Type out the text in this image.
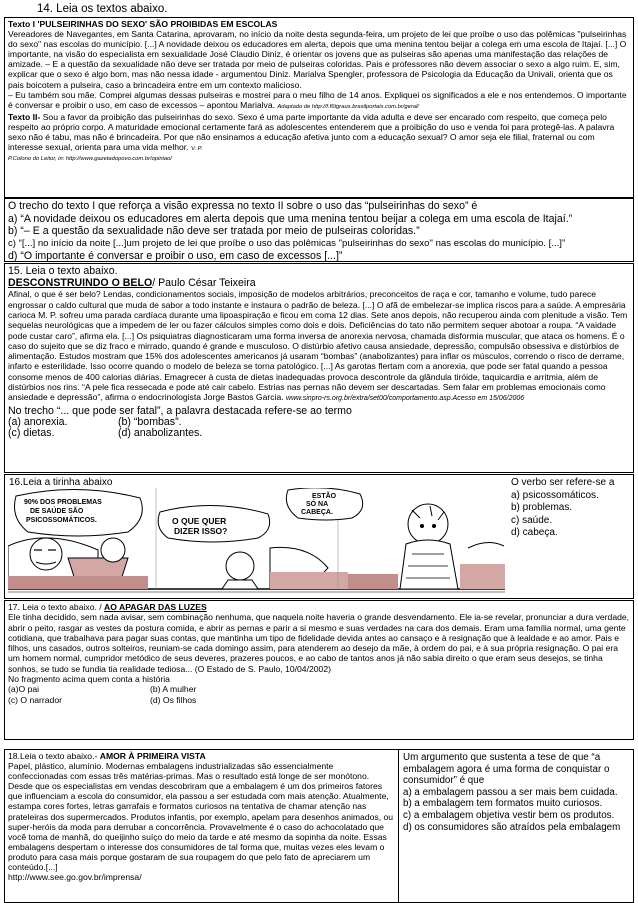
14. Leia os textos abaixo.

Texto I 'PULSEIRINHAS DO SEXO' SÃO PROIBIDAS EM ESCOLAS

Vereadores de Navegantes, em Santa Catarina, aprovaram, no início da noite desta segunda-feira, um projeto de lei que proíbe o uso das polêmicas "pulseirinhas do sexo" nas escolas do município. [...] A novidade deixou os educadores em alerta, depois que uma menina tentou beijar a colega em uma escola de Itajaí. [...] O importante, na visão do especialista em sexualidade José Claudio Diniz, é orientar os jovens que as pulseiras são apenas uma manifestação das relações de amizade. – E a questão da sexualidade não deve ser tratada por meio de pulseiras coloridas. Pais e professores não devem associar o sexo a algo ruim. E, sim, explicar que o sexo é algo bom, mas não nessa idade - argumentou Diniz. Marialva Spengler, professora de Psicologia da Educação da Univali, orienta que os pais boicotem a pulseira, caso a brincadeira entre em um contexto malicioso.

– Eu também sou mãe. Comprei algumas dessas pulseiras e mostrei para o meu filho de 14 anos. Expliquei os significados a ele e nos entendemos. O importante é conversar e proibir o uso, em caso de excessos – apontou Marialva. Adaptado de http://f.f6tgraus.brasilportais.com.br/geral/

Texto II- Sou a favor da proibição das pulseirinhas do sexo. Sexo é uma parte importante da vida adulta e deve ser encarado com respeito, que começa pelo respeito ao próprio corpo. A maturidade emocional certamente fará as adolescentes entenderem que a proibição do uso e venda foi para protegê-las. A palavra sexo não é tabu, mas não é brincadeira. Por que não ensinamos a educação afetiva junto com a educação sexual? O amor seja ele filial, fraternal ou com interesse sexual, orienta para uma vida melhor. V. P.

P.Colono do Leitor, in: http://www.gazetadopovo.com.br/opiniao/

O trecho do texto I que reforça a visão expressa no texto II sobre o uso das “pulseirinhas do sexo” é

a) “A novidade deixou os educadores em alerta depois que uma menina tentou beijar a colega em uma escola de Itajaí.”

b) “– E a questão da sexualidade não deve ser tratada por meio de pulseiras coloridas.”

c) “[...] no início da noite [...]um projeto de lei que proíbe o uso das polêmicas "pulseirinhas do sexo" nas escolas do município. [...]”

d) “O importante é conversar e proibir o uso, em caso de excessos [...]”

15. Leia o texto abaixo.

DESCONSTRUINDO O BELO/ Paulo César Teixeira

Afinal, o que é ser belo? Lendas, condicionamentos sociais, imposição de modelos arbitrários, preconceitos de raça e cor, tamanho e volume, tudo parece engrossar o caldo cultural que muda de sabor a todo instante e instaura o padrão de beleza. [...] O afã de embelezar-se implica riscos para a saúde. A empresária carioca M. P. sofreu uma parada cardíaca durante uma lipoaspiração e ficou em coma 12 dias. Sete anos depois, não recuperou ainda com plenitude a visão. Tem sequelas neurológicas que a impedem de ler ou fazer cálculos simples como dois e dois. Deficiências do tato não permitem sequer abotoar a roupa. “A vaidade pode custar caro”, afirma ela. [...] Os psiquiatras diagnosticaram uma forma inversa de anorexia nervosa, chamada disformia muscular, que ataca os homens. É o caso do sujeito que se diz fraco e mirrado, quando é grande e musculoso. O distúrbio afetivo causa ansiedade, depressão, compulsão obsessiva e distúrbios de alimentação. Estudos mostram que 15% dos adolescentes americanos já usaram “bombas” (anabolizantes) para inflar os músculos, correndo o risco de derrame, infarto e esterilidade. Isso ocorre quando o modelo de beleza se torna patológico. [...] As garotas flertam com a anorexia, que pode ser fatal quando a pessoa consome menos de 400 calorias diárias. Emagrecer à custa de dietas inadequadas provoca descontrole da glândula tiróide, taquicardia e arritmia, além de distúrbios nos rins. “A pele fica ressecada e pode até cair cabelo. Estrias nas pernas não devem ser descartadas. Sem falar em problemas emocionais como ansiedade e depressão”, afirma o endocrinologista Jorge Bastos Garcia. www.sinpro-rs.org.br/extra/set00/comportamento.asp.Acesso em 15/06/2006

No trecho “... que pode ser fatal”, a palavra destacada refere-se ao termo

(a) anorexia.	(b) “bombas”.
(c) dietas.	(d) anabolizantes.
16.Leia a tirinha abaixo
90% DOS PROBLEMAS DE SAÚDE SÃO PSICOSSOMÁTICOS.	O QUE QUER DIZER ISSO?
ESTÃO SÓ NA CABEÇA.

O verbo ser refere-se a

a) psicossomáticos.

b) problemas.

c) saúde.

d) cabeça.

17. Leia o texto abaixo. / AO APAGAR DAS LUZES

Ele tinha decidido, sem nada avisar, sem combinação nenhuma, que naquela noite haveria o grande desvendamento. Ele ia-se revelar, pronunciar a dura verdade, abrir o peito, rasgar as vestes da postura comida, e abrir as pernas e parir a si mesmo e suas verdades na cara dos demais. Eram uma família normal, uma gente cotidiana, que trabalhava para pagar suas contas, que mantinha um tipo de fidelidade devida antes ao cansaço e à resignação que à lealdade e ao amor. Pais e filhos, uns casados, outros solteiros, reuniam-se cada domingo assim, para atenderem ao desejo da mãe, à ordem do pai, e à sua própria resignação. O pai era um homem normal, cumpridor metódico de seus deveres, prazeres poucos, e ao cabo de tantos anos já não sabia direito o que eram seus desejos, se tinha sonhos, se tudo se fundia tia realidade tediosa... (O Estado de S. Paulo, 10/04/2002)

No fragmento acima quem conta a história

(a)O pai	(b) A mulher
(c) O narrador	(d) Os filhos

18.Leia o texto abaixo.- AMOR À PRIMEIRA VISTA

Papel, plástico, alumínio. Modernas embalagens industrializadas são essencialmente confeccionadas com essas três matérias-primas. Mas o resultado está longe de ser monótono. Desde que os especialistas em vendas descobriram que a embalagem é um dos primeiros fatores que influenciam a escola do consumidor, ela passou a ser estudada com mais atenção. Atualmente, estampa cores fortes, letras garrafais e formatos curiosos na tentativa de chamar atenção nas prateleiras dos supermercados. Produtos infantis, por exemplo, apelam para desenhos animados, ou super-heróis da moda para derrubar a concorrência. Provavelmente é o caso do achocolatado que você toma de manhã, do queijinho suíço do meio da tarde e até mesmo da sopinha da noite. Essas embalagens despertam o interesse dos consumidores de tal forma que, muitas vezes eles levam o produto para casa mais porque gostaram de sua roupagem do que pelo fato de apreciarem um conteúdo.[...]

http://www.see.go.gov.br/imprensa/

Um argumento que sustenta a tese de que “a embalagem agora é uma forma de conquistar o consumidor” é que

a) a embalagem passou a ser mais bem cuidada.

b) a embalagem tem formatos muito curiosos.

c) a embalagem objetiva vestir bem os produtos.

d) os consumidores são atraídos pela embalagem
